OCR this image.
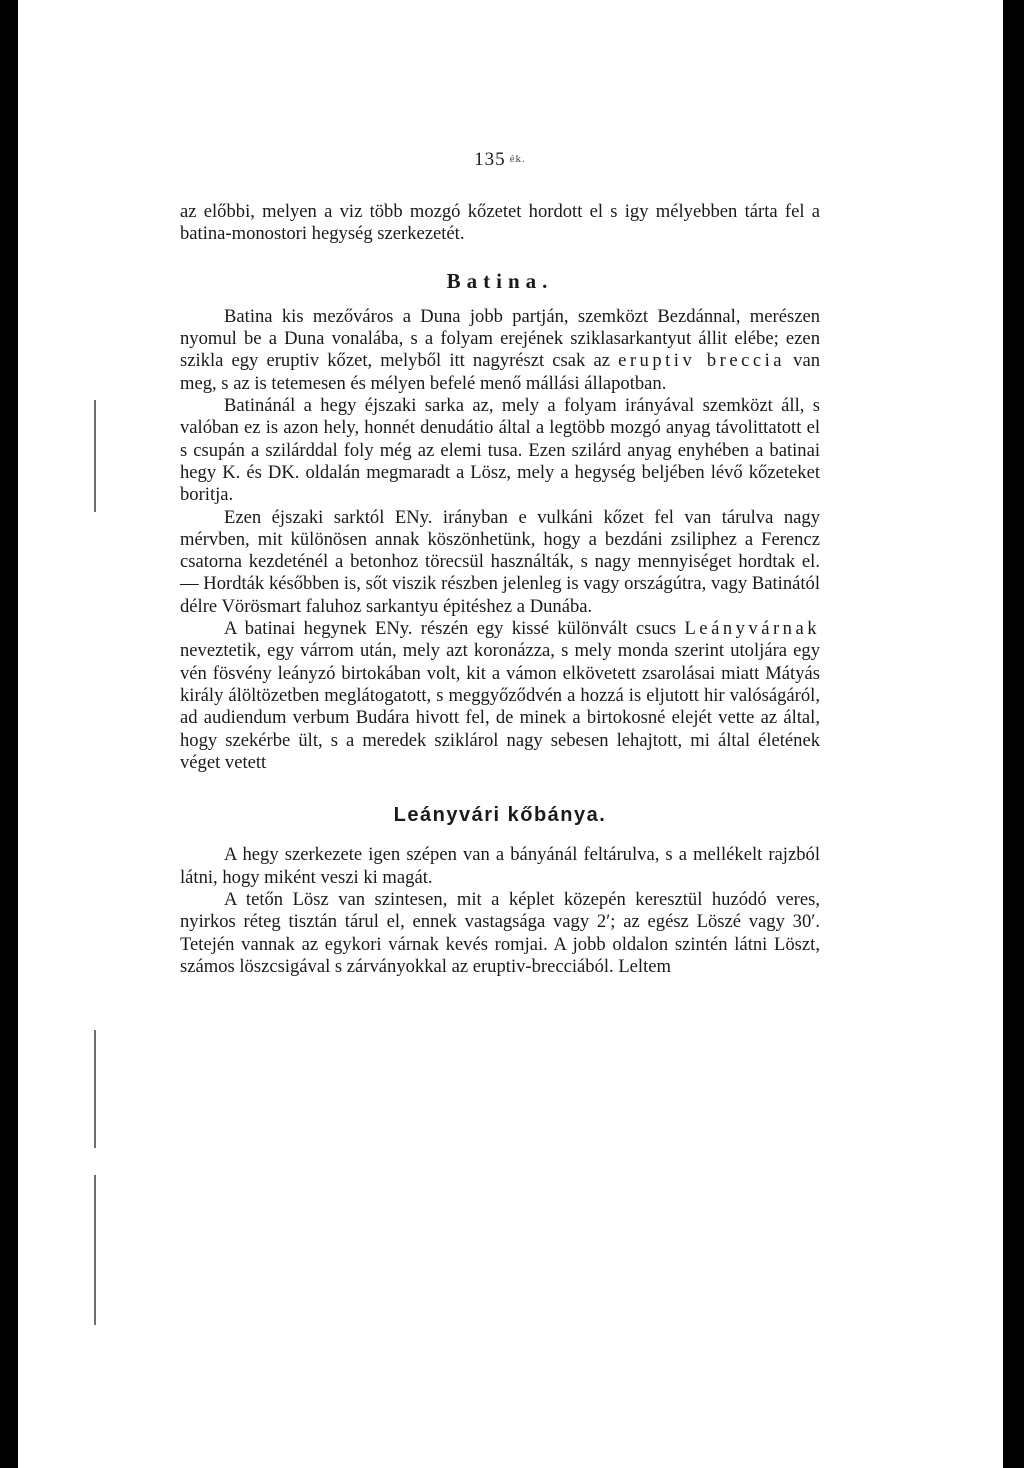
135 ék.

az előbbi, melyen a viz több mozgó kőzetet hordott el s igy mélyebben tárta fel a batina-monostori hegység szerkezetét.

Batina.

Batina kis mezőváros a Duna jobb partján, szemközt Bezdánnal, merészen nyomul be a Duna vonalába, s a folyam erejének sziklasarkantyut állit elébe; ezen szikla egy eruptiv kőzet, melyből itt nagyrészt csak az eruptiv breccia van meg, s az is tetemesen és mélyen befelé menő mállási állapotban.

Batinánál a hegy éjszaki sarka az, mely a folyam irányával szemközt áll, s valóban ez is azon hely, honnét denudátio által a legtöbb mozgó anyag távolittatott el s csupán a szilárddal foly még az elemi tusa. Ezen szilárd anyag enyhében a batinai hegy K. és DK. oldalán megmaradt a Lösz, mely a hegység beljében lévő kőzeteket boritja.

Ezen éjszaki sarktól ENy. irányban e vulkáni kőzet fel van tárulva nagy mérvben, mit különösen annak köszönhetünk, hogy a bezdáni zsiliphez a Ferencz csatorna kezdeténél a betonhoz törecsül használták, s nagy mennyiséget hordtak el. — Hordták későbben is, sőt viszik részben jelenleg is vagy országútra, vagy Batinától délre Vörösmart faluhoz sarkantyu épitéshez a Dunába.

A batinai hegynek ENy. részén egy kissé különvált csucs Leányvárnak neveztetik, egy várrom után, mely azt koronázza, s mely monda szerint utoljára egy vén fösvény leányzó birtokában volt, kit a vámon elkövetett zsarolásai miatt Mátyás király álöltözetben meglátogatott, s meggyőződvén a hozzá is eljutott hir valóságáról, ad audiendum verbum Budára hivott fel, de minek a birtokosné elejét vette az által, hogy szekérbe ült, s a meredek sziklárol nagy sebesen lehajtott, mi által életének véget vetett

Leányvári kőbánya.

A hegy szerkezete igen szépen van a bányánál feltárulva, s a mellékelt rajzból látni, hogy miként veszi ki magát.

A tetőn Lösz van szintesen, mit a képlet közepén keresztül huzódó veres, nyirkos réteg tisztán tárul el, ennek vastagsága vagy 2′; az egész Löszé vagy 30′. Tetején vannak az egykori várnak kevés romjai. A jobb oldalon szintén látni Löszt, számos löszcsigával s zárványokkal az eruptiv-brecciából. Leltem
